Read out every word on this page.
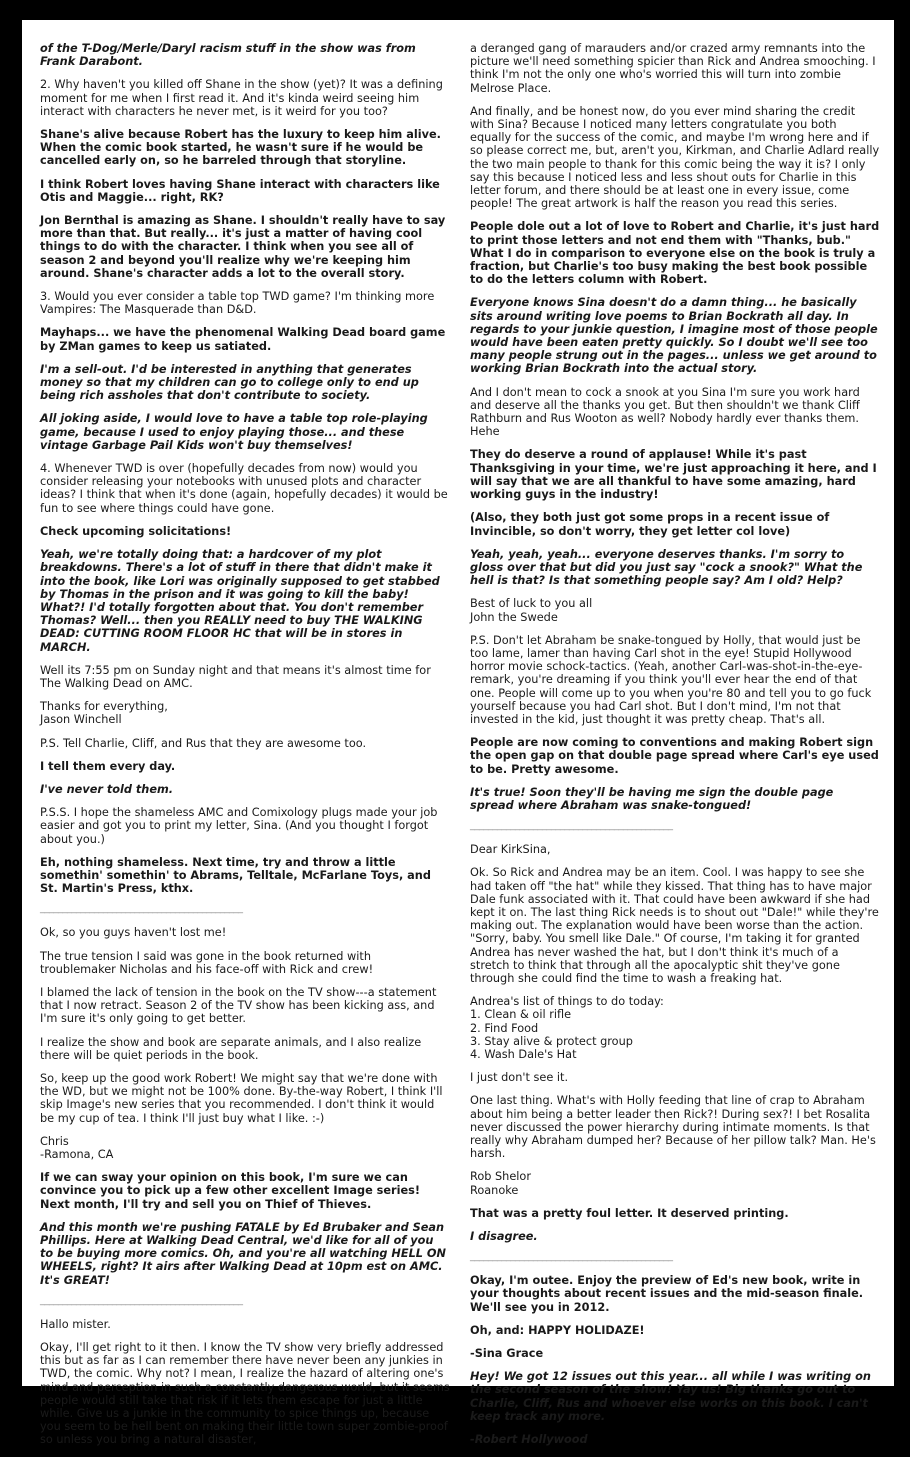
of the T-Dog/Merle/Daryl racism stuff in the show was from Frank Darabont.

2. Why haven't you killed off Shane in the show (yet)? It was a defining moment for me when I first read it. And it's kinda weird seeing him interact with characters he never met, is it weird for you too?

Shane's alive because Robert has the luxury to keep him alive. When the comic book started, he wasn't sure if he would be cancelled early on, so he barreled through that storyline.

I think Robert loves having Shane interact with characters like Otis and Maggie... right, RK?

Jon Bernthal is amazing as Shane. I shouldn't really have to say more than that. But really... it's just a matter of having cool things to do with the character. I think when you see all of season 2 and beyond you'll realize why we're keeping him around. Shane's character adds a lot to the overall story.

3. Would you ever consider a table top TWD game? I'm thinking more Vampires: The Masquerade than D&D.

Mayhaps... we have the phenomenal Walking Dead board game by ZMan games to keep us satiated.

I'm a sell-out. I'd be interested in anything that generates money so that my children can go to college only to end up being rich assholes that don't contribute to society.

All joking aside, I would love to have a table top role-playing game, because I used to enjoy playing those... and these vintage Garbage Pail Kids won't buy themselves!

4. Whenever TWD is over (hopefully decades from now) would you consider releasing your notebooks with unused plots and character ideas? I think that when it's done (again, hopefully decades) it would be fun to see where things could have gone.

Check upcoming solicitations!

Yeah, we're totally doing that: a hardcover of my plot breakdowns. There's a lot of stuff in there that didn't make it into the book, like Lori was originally supposed to get stabbed by Thomas in the prison and it was going to kill the baby! What?! I'd totally forgotten about that. You don't remember Thomas? Well... then you REALLY need to buy THE WALKING DEAD: CUTTING ROOM FLOOR HC that will be in stores in MARCH.

Well its 7:55 pm on Sunday night and that means it's almost time for The Walking Dead on AMC.

Thanks for everything,
Jason Winchell

P.S. Tell Charlie, Cliff, and Rus that they are awesome too.

I tell them every day.

I've never told them.

P.S.S. I hope the shameless AMC and Comixology plugs made your job easier and got you to print my letter, Sina. (And you thought I forgot about you.)

Eh, nothing shameless. Next time, try and throw a little somethin' somethin' to Abrams, Telltale, McFarlane Toys, and St. Martin's Press, kthx.

_____________________________________________

Ok, so you guys haven't lost me!

The true tension I said was gone in the book returned with troublemaker Nicholas and his face-off with Rick and crew!

I blamed the lack of tension in the book on the TV show---a statement that I now retract. Season 2 of the TV show has been kicking ass, and I'm sure it's only going to get better.

I realize the show and book are separate animals, and I also realize there will be quiet periods in the book.

So, keep up the good work Robert! We might say that we're done with the WD, but we might not be 100% done. By-the-way Robert, I think I'll skip Image's new series that you recommended. I don't think it would be my cup of tea. I think I'll just buy what I like. :-)

Chris
-Ramona, CA

If we can sway your opinion on this book, I'm sure we can convince you to pick up a few other excellent Image series! Next month, I'll try and sell you on Thief of Thieves.

And this month we're pushing FATALE by Ed Brubaker and Sean Phillips. Here at Walking Dead Central, we'd like for all of you to be buying more comics. Oh, and you're all watching HELL ON WHEELS, right? It airs after Walking Dead at 10pm est on AMC. It's GREAT!

_____________________________________________

Hallo mister.

Okay, I'll get right to it then. I know the TV show very briefly addressed this but as far as I can remember there have never been any junkies in TWD, the comic. Why not? I mean, I realize the hazard of altering one's mind and perception in such a constantly dangerous world, but it seems people would still take that risk if it lets them escape for just a little while. Give us a junkie in the community to spice things up, because you seem to be hell bent on making their little town super zombie-proof so unless you bring a natural disaster,

a deranged gang of marauders and/or crazed army remnants into the picture we'll need something spicier than Rick and Andrea smooching. I think I'm not the only one who's worried this will turn into zombie Melrose Place.

And finally, and be honest now, do you ever mind sharing the credit with Sina? Because I noticed many letters congratulate you both equally for the success of the comic, and maybe I'm wrong here and if so please correct me, but, aren't you, Kirkman, and Charlie Adlard really the two main people to thank for this comic being the way it is? I only say this because I noticed less and less shout outs for Charlie in this letter forum, and there should be at least one in every issue, come people! The great artwork is half the reason you read this series.

People dole out a lot of love to Robert and Charlie, it's just hard to print those letters and not end them with "Thanks, bub." What I do in comparison to everyone else on the book is truly a fraction, but Charlie's too busy making the best book possible to do the letters column with Robert.

Everyone knows Sina doesn't do a damn thing... he basically sits around writing love poems to Brian Bockrath all day. In regards to your junkie question, I imagine most of those people would have been eaten pretty quickly. So I doubt we'll see too many people strung out in the pages... unless we get around to working Brian Bockrath into the actual story.

And I don't mean to cock a snook at you Sina I'm sure you work hard and deserve all the thanks you get. But then shouldn't we thank Cliff Rathburn and Rus Wooton as well? Nobody hardly ever thanks them. Hehe

They do deserve a round of applause! While it's past Thanksgiving in your time, we're just approaching it here, and I will say that we are all thankful to have some amazing, hard working guys in the industry!

(Also, they both just got some props in a recent issue of Invincible, so don't worry, they get letter col love)

Yeah, yeah, yeah... everyone deserves thanks. I'm sorry to gloss over that but did you just say "cock a snook?" What the hell is that? Is that something people say? Am I old? Help?

Best of luck to you all
John the Swede

P.S. Don't let Abraham be snake-tongued by Holly, that would just be too lame, lamer than having Carl shot in the eye! Stupid Hollywood horror movie schock-tactics. (Yeah, another Carl-was-shot-in-the-eye-remark, you're dreaming if you think you'll ever hear the end of that one. People will come up to you when you're 80 and tell you to go fuck yourself because you had Carl shot. But I don't mind, I'm not that invested in the kid, just thought it was pretty cheap. That's all.

People are now coming to conventions and making Robert sign the open gap on that double page spread where Carl's eye used to be. Pretty awesome.

It's true! Soon they'll be having me sign the double page spread where Abraham was snake-tongued!

_____________________________________________

Dear KirkSina,

Ok. So Rick and Andrea may be an item. Cool. I was happy to see she had taken off "the hat" while they kissed. That thing has to have major Dale funk associated with it. That could have been awkward if she had kept it on. The last thing Rick needs is to shout out "Dale!" while they're making out. The explanation would have been worse than the action. "Sorry, baby. You smell like Dale." Of course, I'm taking it for granted Andrea has never washed the hat, but I don't think it's much of a stretch to think that through all the apocalyptic shit they've gone through she could find the time to wash a freaking hat.

Andrea's list of things to do today:
1. Clean & oil rifle
2. Find Food
3. Stay alive & protect group
4. Wash Dale's Hat

I just don't see it.

One last thing. What's with Holly feeding that line of crap to Abraham about him being a better leader then Rick?! During sex?! I bet Rosalita never discussed the power hierarchy during intimate moments. Is that really why Abraham dumped her? Because of her pillow talk? Man. He's harsh.

Rob Shelor
Roanoke

That was a pretty foul letter. It deserved printing.

I disagree.

_____________________________________________

Okay, I'm outee. Enjoy the preview of Ed's new book, write in your thoughts about recent issues and the mid-season finale. We'll see you in 2012.

Oh, and: HAPPY HOLIDAZE!

-Sina Grace

Hey! We got 12 issues out this year... all while I was writing on the second season of the show! Yay us! Big thanks go out to Charlie, Cliff, Rus and whoever else works on this book. I can't keep track any more.

-Robert Hollywood
